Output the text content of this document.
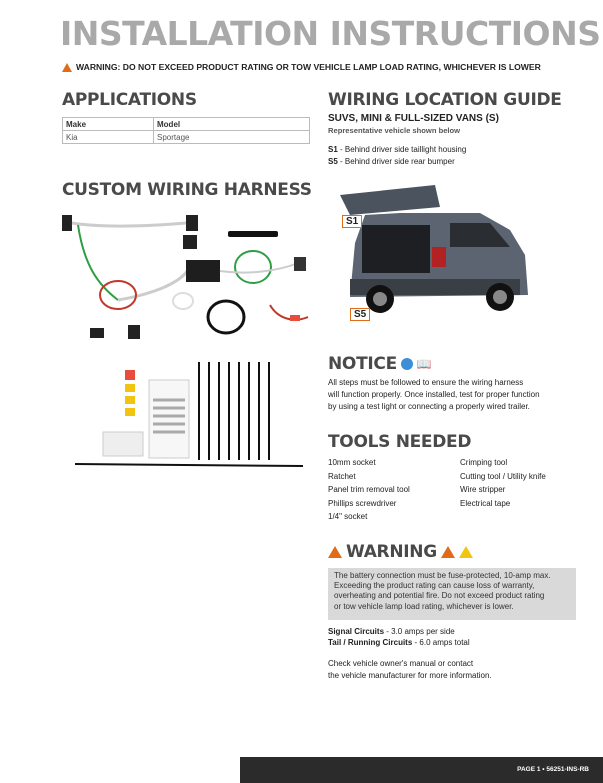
INSTALLATION INSTRUCTIONS
WARNING: DO NOT EXCEED PRODUCT RATING OR TOW VEHICLE LAMP LOAD RATING, WHICHEVER IS LOWER
APPLICATIONS
Make	Model
Kia	Sportage
CUSTOM WIRING HARNESS
WIRING LOCATION GUIDE
SUVS, MINI & FULL-SIZED VANS (S)
Representative vehicle shown below
S1 - Behind driver side taillight housing
S5 - Behind driver side rear bumper
S1
S5
NOTICE 📖
All steps must be followed to ensure the wiring harness
will function properly. Once installed, test for proper function
by using a test light or connecting a properly wired trailer.
TOOLS NEEDED
10mm socket
Ratchet
Panel trim removal tool
Phillips screwdriver
1/4" socket
Crimping tool
Cutting tool / Utility knife
Wire stripper
Electrical tape
WARNING
The battery connection must be fuse-protected, 10-amp max.
Exceeding the product rating can cause loss of warranty,
overheating and potential fire. Do not exceed product rating
or tow vehicle lamp load rating, whichever is lower.
Signal Circuits - 3.0 amps per side
Tail / Running Circuits - 6.0 amps total
Check vehicle owner's manual or contact
the vehicle manufacturer for more information.
PAGE 1 • 56251-INS-RB
